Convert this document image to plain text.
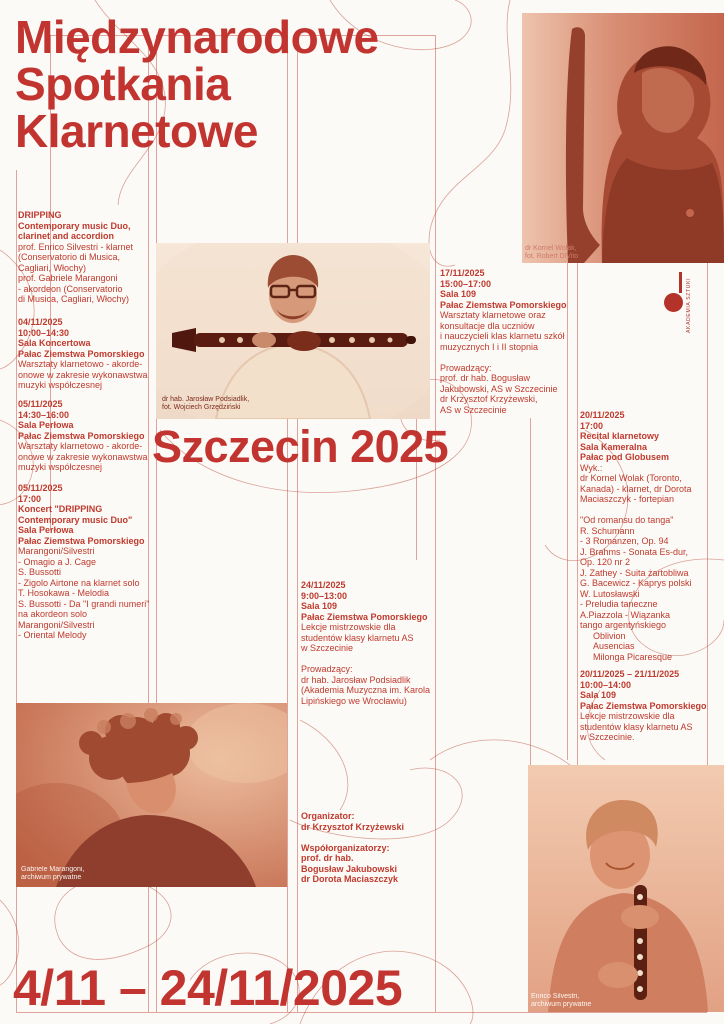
Międzynarodowe
Spotkania
Klarnetowe
dr Kornel Wolak,
fot. Robert DiVito
AKADEMIA SZTUKI
DRIPPING
Contemporary music Duo,
clarinet and accordion
prof. Enrico Silvestri - klarnet
(Conservatorio di Musica,
Cagliari, Włochy)
prof. Gabriele Marangoni
- akordeon (Conservatorio
di Musica, Cagliari, Włochy)
04/11/2025
10:00–14:30
Sala Koncertowa
Pałac Ziemstwa Pomorskiego
Warsztaty klarnetowo - akorde-
onowe w zakresie wykonawstwa
muzyki współczesnej
05/11/2025
14:30–16:00
Sala Perłowa
Pałac Ziemstwa Pomorskiego
Warsztaty klarnetowo - akorde-
onowe w zakresie wykonawstwa
muzyki współczesnej
05/11/2025
17:00
Koncert "DRIPPING
Contemporary music Duo"
Sala Perłowa
Pałac Ziemstwa Pomorskiego
Marangoni/Silvestri
- Omagio a J. Cage
S. Bussotti
- Zigolo Airtone na klarnet solo
T. Hosokawa - Melodia
S. Bussotti - Da "I grandi numeri"
na akordeon solo
Marangoni/Silvestri
- Oriental Melody
dr hab. Jarosław Podsiadlik,
fot. Wojciech Grzędziński
Szczecin 2025
17/11/2025
15:00–17:00
Sala 109
Pałac Ziemstwa Pomorskiego
Warsztaty klarnetowe oraz
konsultacje dla uczniów
i nauczycieli klas klarnetu szkół
muzycznych I i II stopnia

Prowadzący:
prof. dr hab. Bogusław
Jakubowski, AS w Szczecinie
dr Krzysztof Krzyżewski,
AS w Szczecinie
20/11/2025
17:00
Recital klarnetowy
Sala Kameralna
Pałac pod Globusem
Wyk.:
dr Kornel Wolak (Toronto,
Kanada) - klarnet, dr Dorota
Maciaszczyk - fortepian

"Od romansu do tanga"
R. Schumann
- 3 Romanzen, Op. 94
J. Brahms - Sonata Es-dur,
Op. 120 nr 2
J. Zathey - Suita żartobliwa
G. Bacewicz - Kaprys polski
W. Lutosławski
- Preludia taneczne
A.Piazzola - Wiązanka
tango argentyńskiego
Oblivion
Ausencias
Milonga Picaresque
20/11/2025 – 21/11/2025
10:00–14:00
Sala 109
Pałac Ziemstwa Pomorskiego
Lekcje mistrzowskie dla
studentów klasy klarnetu AS
w Szczecinie.
24/11/2025
9:00–13:00
Sala 109
Pałac Ziemstwa Pomorskiego
Lekcje mistrzowskie dla
studentów klasy klarnetu AS
w Szczecinie

Prowadzący:
dr hab. Jarosław Podsiadlik
(Akademia Muzyczna im. Karola
Lipińskiego we Wrocławiu)
Organizator:
dr Krzysztof Krzyżewski

Współorganizatorzy:
prof. dr hab.
Bogusław Jakubowski
dr Dorota Maciaszczyk
Gabriele Marangoni,
archiwum prywatne
Enrico Silvestri,
archiwum prywatne
4/11 – 24/11/2025
